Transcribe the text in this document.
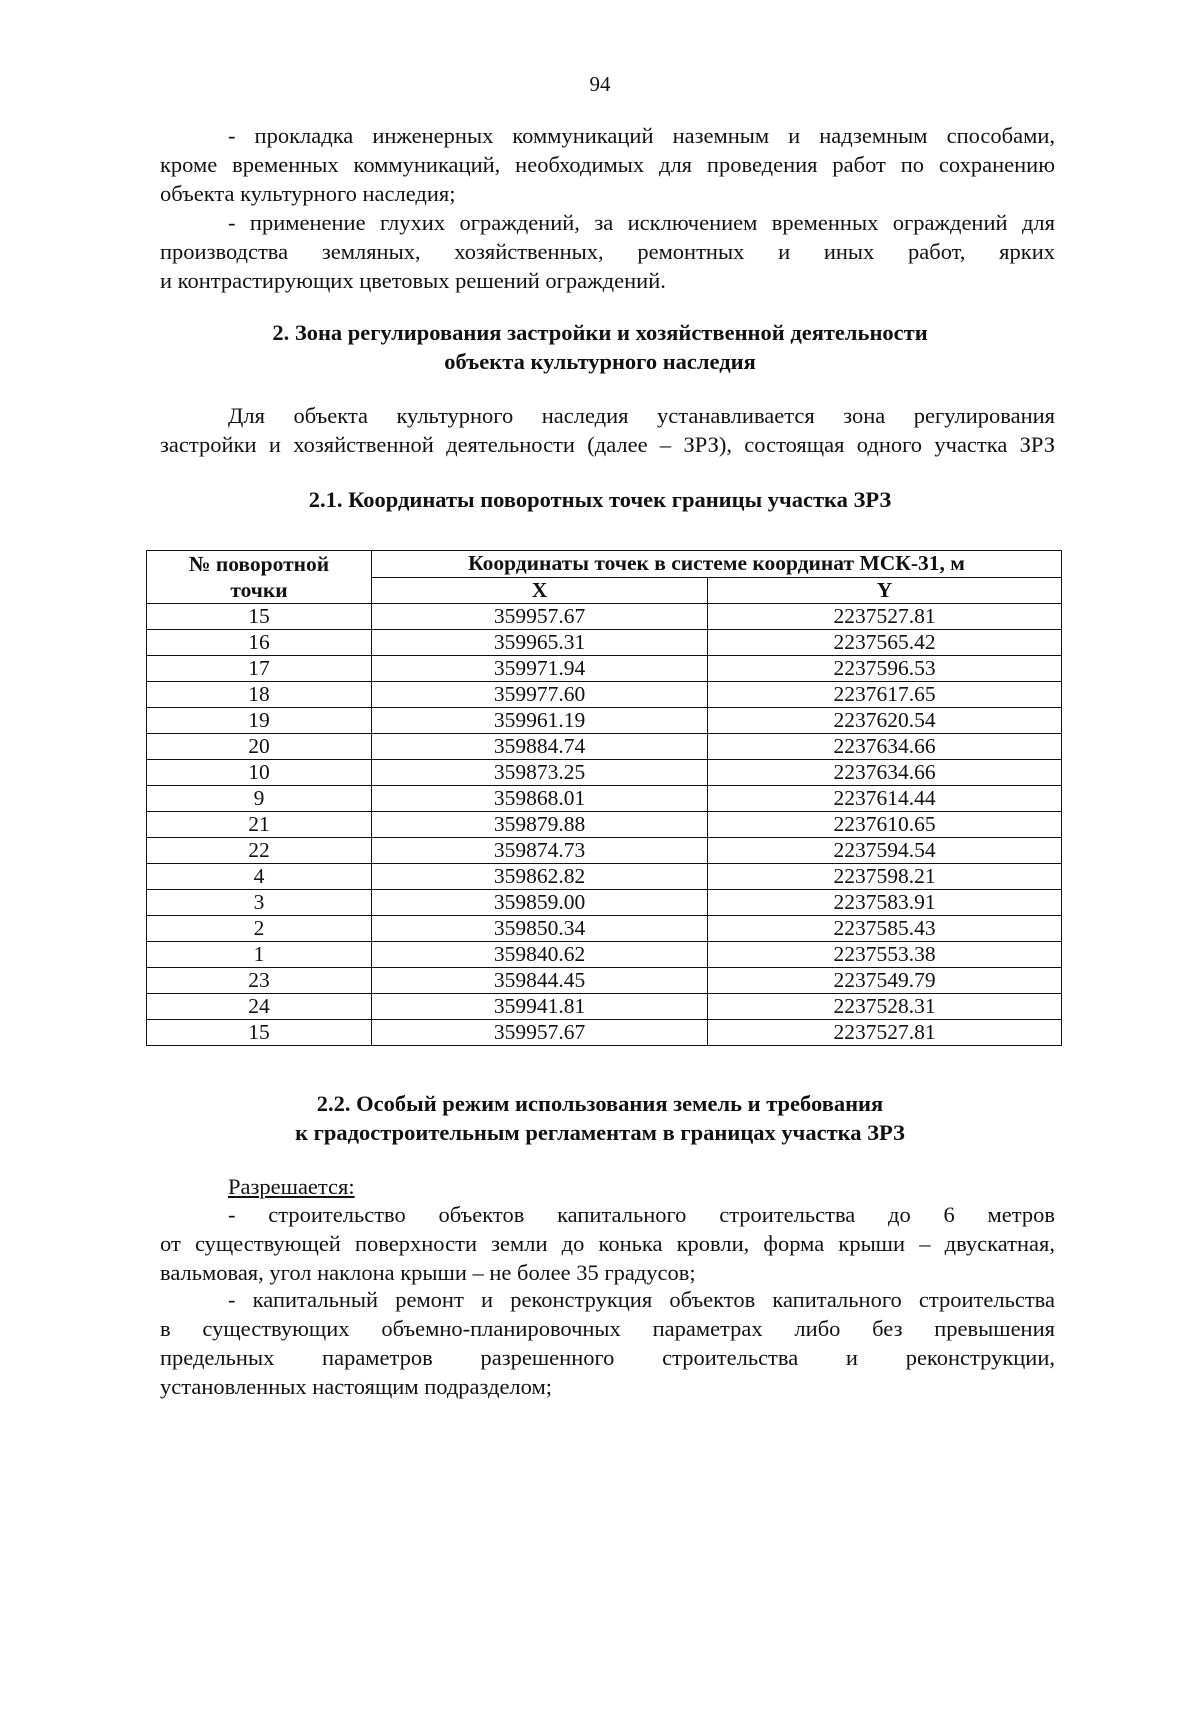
94
- прокладка инженерных коммуникаций наземным и надземным способами,
кроме временных коммуникаций, необходимых для проведения работ по сохранению
объекта культурного наследия;
- применение глухих ограждений, за исключением временных ограждений для
производства земляных, хозяйственных, ремонтных и иных работ, ярких
и контрастирующих цветовых решений ограждений.
2. Зона регулирования застройки и хозяйственной деятельности
объекта культурного наследия
Для объекта культурного наследия устанавливается зона регулирования
застройки и хозяйственной деятельности (далее – ЗРЗ), состоящая одного участка ЗРЗ
2.1. Координаты поворотных точек границы участка ЗРЗ
№ поворотной
точки	Координаты точек в системе координат МСК-31, м	
	X	Y
15	359957.67	2237527.81
16	359965.31	2237565.42
17	359971.94	2237596.53
18	359977.60	2237617.65
19	359961.19	2237620.54
20	359884.74	2237634.66
10	359873.25	2237634.66
9	359868.01	2237614.44
21	359879.88	2237610.65
22	359874.73	2237594.54
4	359862.82	2237598.21
3	359859.00	2237583.91
2	359850.34	2237585.43
1	359840.62	2237553.38
23	359844.45	2237549.79
24	359941.81	2237528.31
15	359957.67	2237527.81
2.2. Особый режим использования земель и требования
к градостроительным регламентам в границах участка ЗРЗ
Разрешается:
- строительство объектов капитального строительства до 6 метров
от существующей поверхности земли до конька кровли, форма крыши – двускатная,
вальмовая, угол наклона крыши – не более 35 градусов;
- капитальный ремонт и реконструкция объектов капитального строительства
в существующих объемно-планировочных параметрах либо без превышения
предельных параметров разрешенного строительства и реконструкции,
установленных настоящим подразделом;
